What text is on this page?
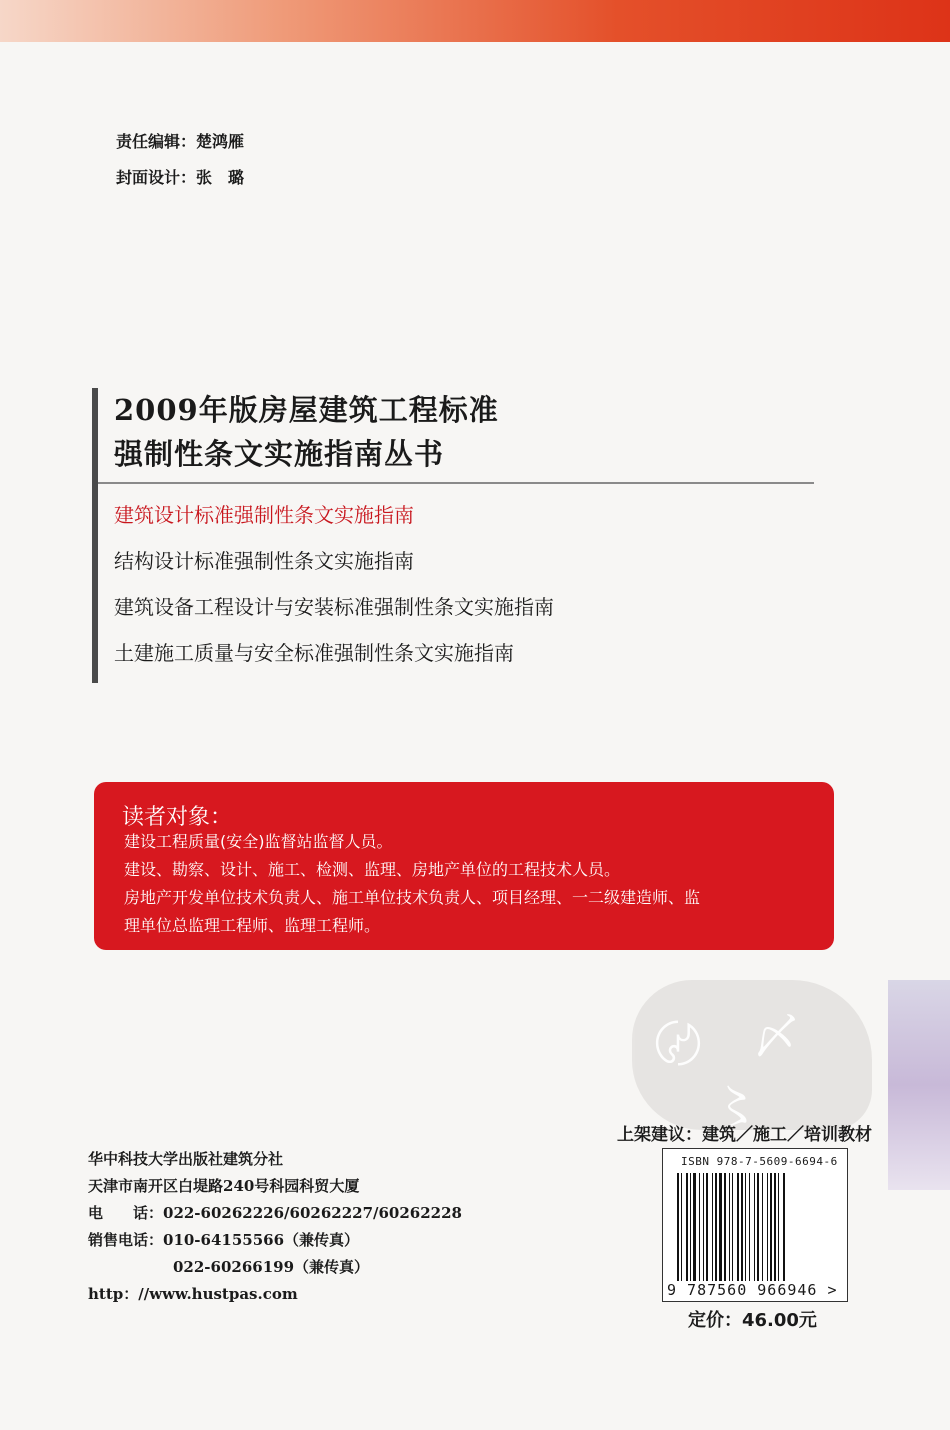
责任编辑：楚鸿雁
封面设计：张　璐
2009年版房屋建筑工程标准
强制性条文实施指南丛书
建筑设计标准强制性条文实施指南
结构设计标准强制性条文实施指南
建筑设备工程设计与安装标准强制性条文实施指南
土建施工质量与安全标准强制性条文实施指南
读者对象：
建设工程质量(安全)监督站监督人员。
建设、勘察、设计、施工、检测、监理、房地产单位的工程技术人员。
房地产开发单位技术负责人、施工单位技术负责人、项目经理、一二级建造师、监
理单位总监理工程师、监理工程师。
〄 〆
〻
上架建议：建筑／施工／培训教材
ISBN 978-7-5609-6694-6
9 787560 966946 >
定价：46.00元
华中科技大学出版社建筑分社
天津市南开区白堤路240号科园科贸大厦
电　　话：022-60262226/60262227/60262228
销售电话：010-64155566（兼传真）
022-60266199（兼传真）
http：//www.hustpas.com
